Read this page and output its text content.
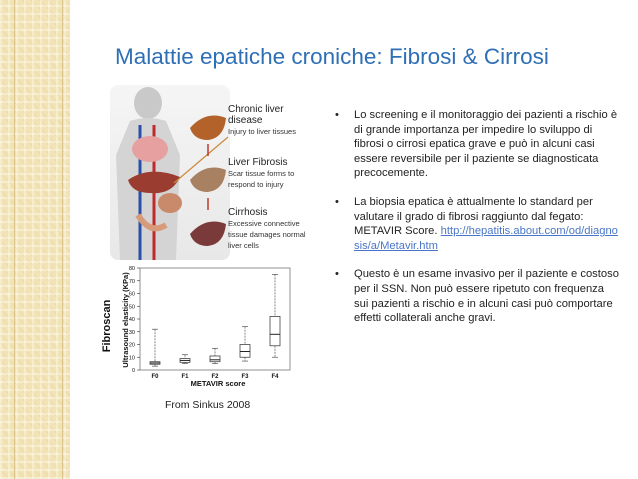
Malattie epatiche croniche: Fibrosi & Cirrosi
Chronic liver disease
Injury to liver tissues
Liver Fibrosis
Scar tissue forms to respond to injury
Cirrhosis
Excessive connective tissue damages normal liver cells
Fibroscan Ultrasound elasticity (KPa)
METAVIR score
0
10
20
30
40
50
60
70
80
F0	F1	F2	F3	F4
From Sinkus 2008
• Lo screening e il monitoraggio dei pazienti a rischio è di grande importanza per impedire lo sviluppo di fibrosi o cirrosi epatica grave e può in alcuni casi essere reversibile per il paziente se diagnosticata precocemente.
• La biopsia epatica è attualmente lo standard per valutare il grado di fibrosi raggiunto dal fegato: METAVIR Score. http://hepatitis.about.com/od/diagnosis/a/Metavir.htm
• Questo è un esame invasivo per il paziente e costoso per il SSN. Non può essere ripetuto con frequenza sui pazienti a rischio e in alcuni casi può comportare effetti collaterali anche gravi.
